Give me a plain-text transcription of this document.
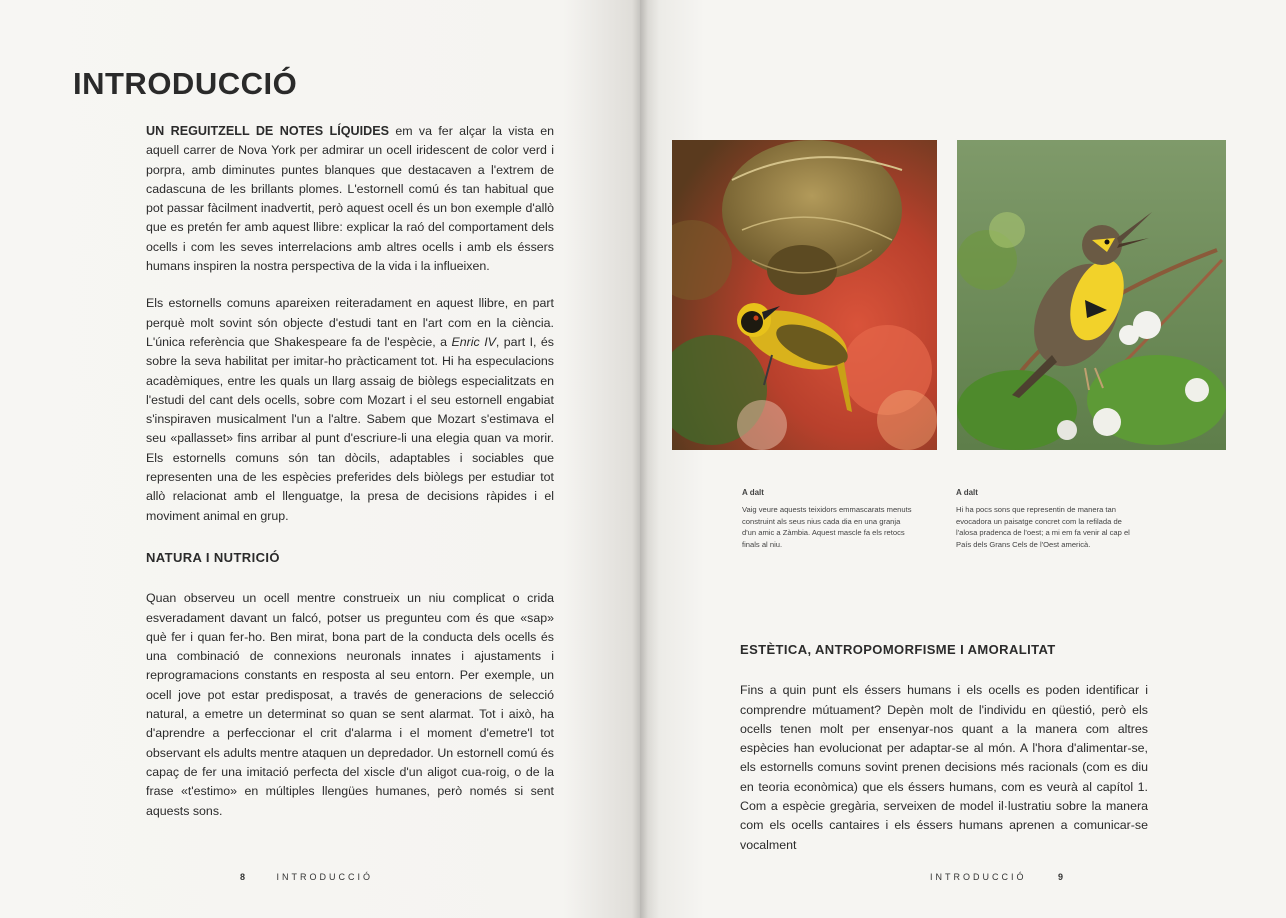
INTRODUCCIÓ

UN REGUITZELL DE NOTES LÍQUIDES em va fer alçar la vista en aquell carrer de Nova York per admirar un ocell iridescent de color verd i porpra, amb diminutes puntes blanques que destacaven a l'extrem de cadascuna de les brillants plomes. L'estornell comú és tan habitual que pot passar fàcilment inadvertit, però aquest ocell és un bon exemple d'allò que es pretén fer amb aquest llibre: explicar la raó del comportament dels ocells i com les seves interrelacions amb altres ocells i amb els éssers humans inspiren la nostra perspectiva de la vida i la influeixen.

Els estornells comuns apareixen reiteradament en aquest llibre, en part perquè molt sovint són objecte d'estudi tant en l'art com en la ciència. L'única referència que Shakespeare fa de l'espècie, a Enric IV, part I, és sobre la seva habilitat per imitar-ho pràcticament tot. Hi ha especulacions acadèmiques, entre les quals un llarg assaig de biòlegs especialitzats en l'estudi del cant dels ocells, sobre com Mozart i el seu estornell engabiat s'inspiraven musicalment l'un a l'altre. Sabem que Mozart s'estimava el seu «pallasset» fins arribar al punt d'escriure-li una elegia quan va morir. Els estornells comuns són tan dòcils, adaptables i sociables que representen una de les espècies preferides dels biòlegs per estudiar tot allò relacionat amb el llenguatge, la presa de decisions ràpides i el moviment animal en grup.

NATURA I NUTRICIÓ

Quan observeu un ocell mentre construeix un niu complicat o crida esveradament davant un falcó, potser us pregunteu com és que «sap» què fer i quan fer-ho. Ben mirat, bona part de la conducta dels ocells és una combinació de connexions neuronals innates i ajustaments i reprogramacions constants en resposta al seu entorn. Per exemple, un ocell jove pot estar predisposat, a través de generacions de selecció natural, a emetre un determinat so quan se sent alarmat. Tot i això, ha d'aprendre a perfeccionar el crit d'alarma i el moment d'emetre'l tot observant els adults mentre ataquen un depredador. Un estornell comú és capaç de fer una imitació perfecta del xiscle d'un aligot cua-roig, o de la frase «t'estimo» en múltiples llengües humanes, però només si sent aquests sons.

8	INTRODUCCIÓ
A dalt
Vaig veure aquests teixidors emmascarats menuts construint als seus nius cada dia en una granja d'un amic a Zàmbia. Aquest mascle fa els retocs finals al niu.
A dalt
Hi ha pocs sons que representin de manera tan evocadora un paisatge concret com la refilada de l'alosa pradenca de l'oest; a mi em fa venir al cap el País dels Grans Cels de l'Oest americà.
INTRODUCCIÓ	9
ESTÈTICA, ANTROPOMORFISME I AMORALITAT

Fins a quin punt els éssers humans i els ocells es poden identificar i comprendre mútuament? Depèn molt de l'individu en qüestió, però els ocells tenen molt per ensenyar-nos quant a la manera com altres espècies han evolucionat per adaptar-se al món. A l'hora d'alimentar-se, els estornells comuns sovint prenen decisions més racionals (com es diu en teoria econòmica) que els éssers humans, com es veurà al capítol 1. Com a espècie gregària, serveixen de model il·lustratiu sobre la manera com els ocells cantaires i els éssers humans aprenen a comunicar-se vocalment
